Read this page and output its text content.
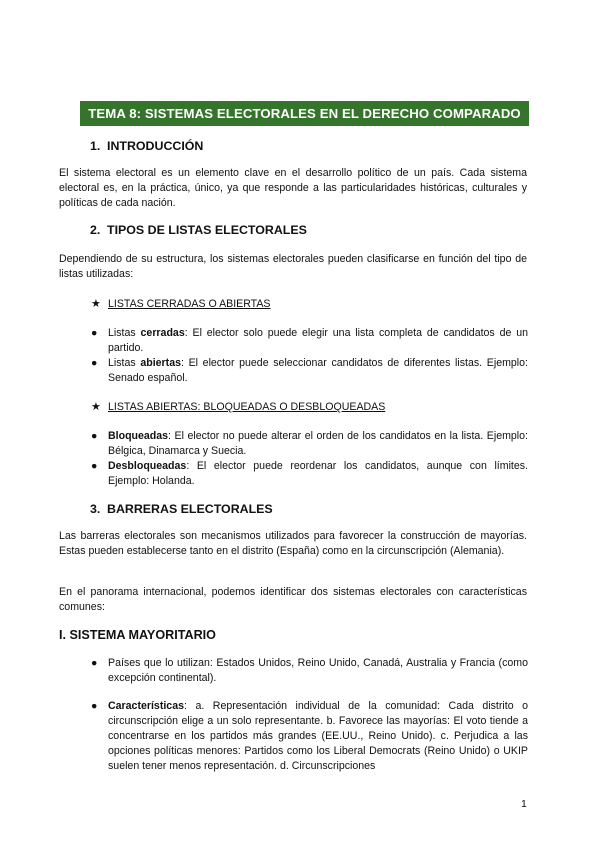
TEMA 8: SISTEMAS ELECTORALES EN EL DERECHO COMPARADO
1. INTRODUCCIÓN

El sistema electoral es un elemento clave en el desarrollo político de un país. Cada sistema electoral es, en la práctica, único, ya que responde a las particularidades históricas, culturales y políticas de cada nación.

2. TIPOS DE LISTAS ELECTORALES

Dependiendo de su estructura, los sistemas electorales pueden clasificarse en función del tipo de listas utilizadas:

★ LISTAS CERRADAS O ABIERTAS
● Listas cerradas: El elector solo puede elegir una lista completa de candidatos de un partido.
● Listas abiertas: El elector puede seleccionar candidatos de diferentes listas. Ejemplo: Senado español.
★ LISTAS ABIERTAS: BLOQUEADAS O DESBLOQUEADAS
● Bloqueadas: El elector no puede alterar el orden de los candidatos en la lista. Ejemplo: Bélgica, Dinamarca y Suecia.
● Desbloqueadas: El elector puede reordenar los candidatos, aunque con límites. Ejemplo: Holanda.
3. BARRERAS ELECTORALES

Las barreras electorales son mecanismos utilizados para favorecer la construcción de mayorías. Estas pueden establecerse tanto en el distrito (España) como en la circunscripción (Alemania).

En el panorama internacional, podemos identificar dos sistemas electorales con características comunes:

I. SISTEMA MAYORITARIO
● Países que lo utilizan: Estados Unidos, Reino Unido, Canadá, Australia y Francia (como excepción continental).
● Características: a. Representación individual de la comunidad: Cada distrito o circunscripción elige a un solo representante. b. Favorece las mayorías: El voto tiende a concentrarse en los partidos más grandes (EE.UU., Reino Unido). c. Perjudica a las opciones políticas menores: Partidos como los Liberal Democrats (Reino Unido) o UKIP suelen tener menos representación. d. Circunscripciones
1
